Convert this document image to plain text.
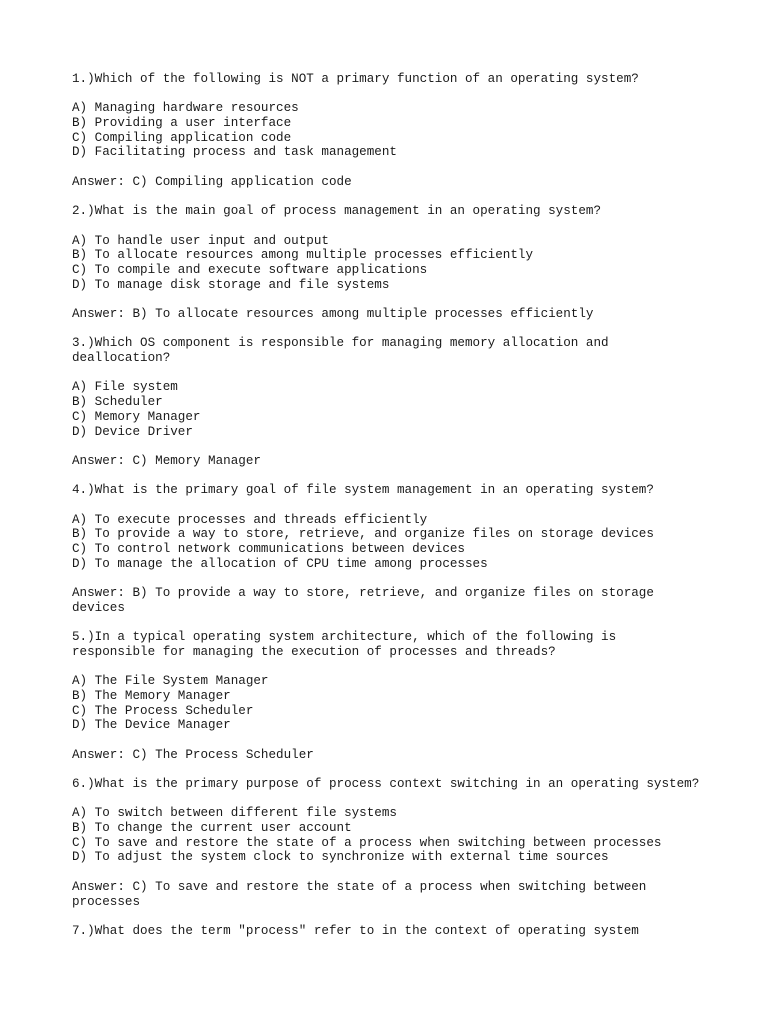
1.)Which of the following is NOT a primary function of an operating system?
A) Managing hardware resources
B) Providing a user interface
C) Compiling application code
D) Facilitating process and task management
Answer: C) Compiling application code
2.)What is the main goal of process management in an operating system?
A) To handle user input and output
B) To allocate resources among multiple processes efficiently
C) To compile and execute software applications
D) To manage disk storage and file systems
Answer: B) To allocate resources among multiple processes efficiently
3.)Which OS component is responsible for managing memory allocation and
deallocation?
A) File system
B) Scheduler
C) Memory Manager
D) Device Driver
Answer: C) Memory Manager
4.)What is the primary goal of file system management in an operating system?
A) To execute processes and threads efficiently
B) To provide a way to store, retrieve, and organize files on storage devices
C) To control network communications between devices
D) To manage the allocation of CPU time among processes
Answer: B) To provide a way to store, retrieve, and organize files on storage
devices
5.)In a typical operating system architecture, which of the following is
responsible for managing the execution of processes and threads?
A) The File System Manager
B) The Memory Manager
C) The Process Scheduler
D) The Device Manager
Answer: C) The Process Scheduler
6.)What is the primary purpose of process context switching in an operating system?
A) To switch between different file systems
B) To change the current user account
C) To save and restore the state of a process when switching between processes
D) To adjust the system clock to synchronize with external time sources
Answer: C) To save and restore the state of a process when switching between
processes
7.)What does the term "process" refer to in the context of operating system
